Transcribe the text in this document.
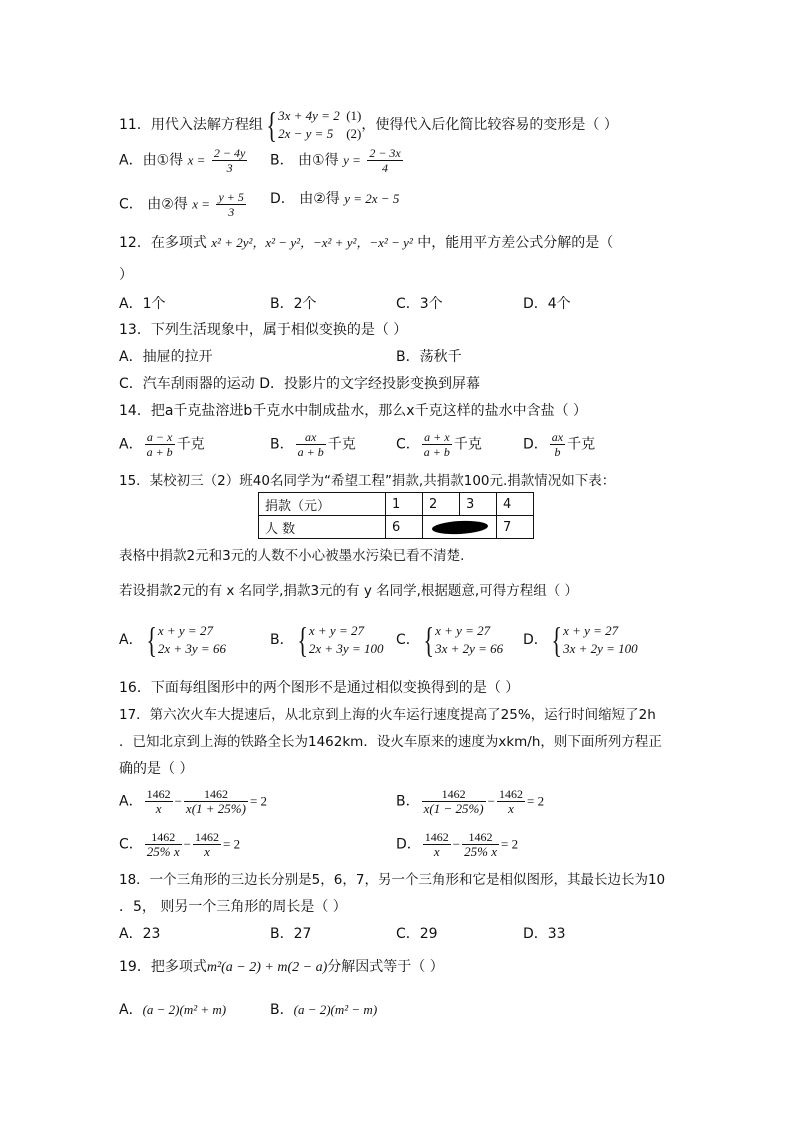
11．用代入法解方程组{ 3x + 4y = 2 (1)
2x − y = 5 (2)
，使得代入后化简比较容易的变形是（ ）
A．由①得 $x = \frac{2 - 4y}{3}$ B． 由①得 $y = \frac{2 - 3x}{4}$
C． 由②得 $x = \frac{y + 5}{3}$ D． 由②得 y = 2x − 5
12．在多项式 x² + 2y²，x² − y²，−x² + y²，−x² − y² 中，能用平方差公式分解的是（
）
A．1个	B．2个	C．3个	D．4个
13．下列生活现象中，属于相似变换的是（ ）
A．抽屉的拉开	B．荡秋千
C．汽车刮雨器的运动 D．投影片的文字经投影变换到屏幕
14．把a千克盐溶进b千克水中制成盐水，那么x千克这样的盐水中含盐（ ）
A． $\frac{a - x}{a + b}$ 千克	B． $\frac{ax}{a + b}$ 千克	C． $\frac{a + x}{a + b}$ 千克	D． $\frac{ax}{b}$ 千克
15．某校初三（2）班40名同学为“希望工程”捐款,共捐款100元.捐款情况如下表：
捐款（元）	1	2	3	4
人 数	6			7
表格中捐款2元和3元的人数不小心被墨水污染已看不清楚.
若设捐款2元的有 x 名同学,捐款3元的有 y 名同学,根据题意,可得方程组（ ）
A．{ x + y = 27
2x + 3y = 66
B．{ x + y = 27
2x + 3y = 100
C．{ x + y = 27
3x + 2y = 66
D．{ x + y = 27
3x + 2y = 100
16．下面每组图形中的两个图形不是通过相似变换得到的是（ ）
17．第六次火车大提速后，从北京到上海的火车运行速度提高了25%，运行时间缩短了2h
．已知北京到上海的铁路全长为1462km．设火车原来的速度为xkm/h，则下面所列方程正
确的是（ ）
A． $\frac{1462}{x} - \frac{1462}{x(1 + 25\%)} = 2$	B． $\frac{1462}{x(1 - 25\%)} - \frac{1462}{x} = 2$
C． $\frac{1462}{25\% x} - \frac{1462}{x} = 2$	D． $\frac{1462}{x} - \frac{1462}{25\% x} = 2$
18．一个三角形的三边长分别是5，6，7，另一个三角形和它是相似图形，其最长边长为10
．5， 则另一个三角形的周长是（ ）
A．23	B．27	C．29	D．33
19．把多项式m²(a − 2) + m(2 − a)分解因式等于（ ）
A．(a − 2)(m² + m)	B．(a − 2)(m² − m)
